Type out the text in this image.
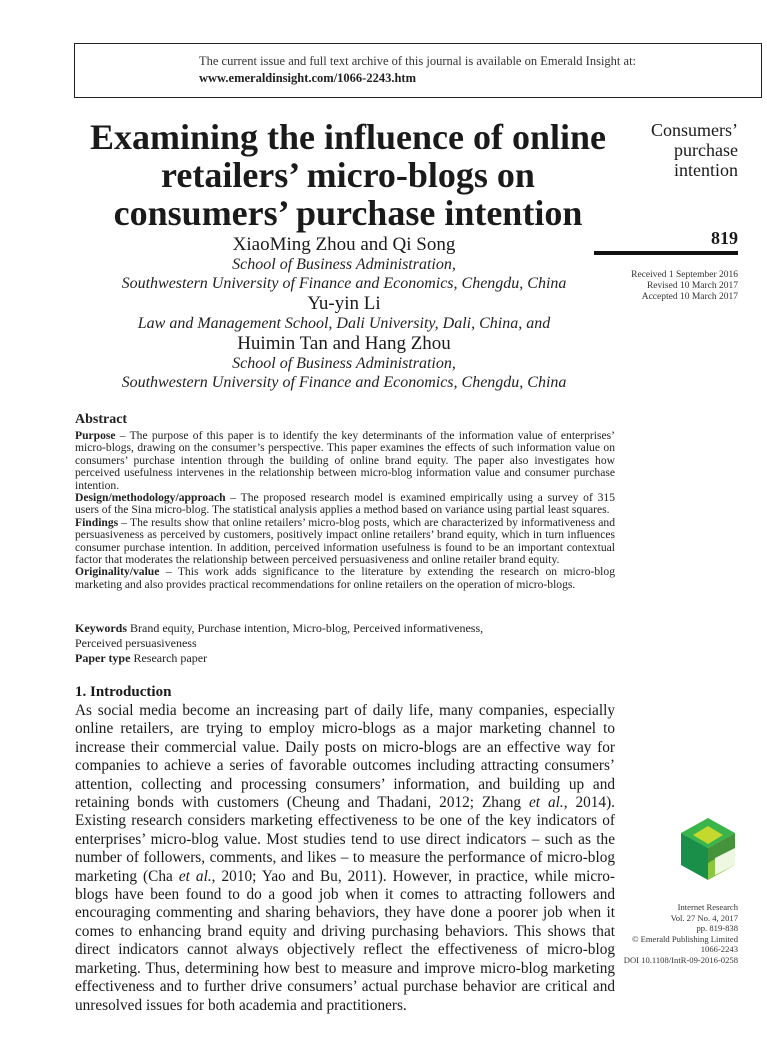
The current issue and full text archive of this journal is available on Emerald Insight at:
www.emeraldinsight.com/1066-2243.htm
Examining the influence of online
retailers’ micro-blogs on
consumers’ purchase intention
XiaoMing Zhou and Qi Song
School of Business Administration,
Southwestern University of Finance and Economics, Chengdu, China
Yu-yin Li
Law and Management School, Dali University, Dali, China, and
Huimin Tan and Hang Zhou
School of Business Administration,
Southwestern University of Finance and Economics, Chengdu, China
Consumers’
purchase
intention
819
Received 1 September 2016
Revised 10 March 2017
Accepted 10 March 2017
Abstract

Purpose – The purpose of this paper is to identify the key determinants of the information value of enterprises’ micro-blogs, drawing on the consumer’s perspective. This paper examines the effects of such information value on consumers’ purchase intention through the building of online brand equity. The paper also investigates how perceived usefulness intervenes in the relationship between micro-blog information value and consumer purchase intention.

Design/methodology/approach – The proposed research model is examined empirically using a survey of 315 users of the Sina micro-blog. The statistical analysis applies a method based on variance using partial least squares.

Findings – The results show that online retailers’ micro-blog posts, which are characterized by informativeness and persuasiveness as perceived by customers, positively impact online retailers’ brand equity, which in turn influences consumer purchase intention. In addition, perceived information usefulness is found to be an important contextual factor that moderates the relationship between perceived persuasiveness and online retailer brand equity.

Originality/value – This work adds significance to the literature by extending the research on micro-blog marketing and also provides practical recommendations for online retailers on the operation of micro-blogs.

Keywords Brand equity, Purchase intention, Micro-blog, Perceived informativeness,

Perceived persuasiveness

Paper type Research paper

1. Introduction
As social media become an increasing part of daily life, many companies, especially online retailers, are trying to employ micro-blogs as a major marketing channel to increase their commercial value. Daily posts on micro-blogs are an effective way for companies to achieve a series of favorable outcomes including attracting consumers’ attention, collecting and processing consumers’ information, and building up and retaining bonds with customers (Cheung and Thadani, 2012; Zhang et al., 2014). Existing research considers marketing effectiveness to be one of the key indicators of enterprises’ micro-blog value. Most studies tend to use direct indicators – such as the number of followers, comments, and likes – to measure the performance of micro-blog marketing (Cha et al., 2010; Yao and Bu, 2011). However, in practice, while micro-blogs have been found to do a good job when it comes to attracting followers and encouraging commenting and sharing behaviors, they have done a poorer job when it comes to enhancing brand equity and driving purchasing behaviors. This shows that direct indicators cannot always objectively reflect the effectiveness of micro-blog marketing. Thus, determining how best to measure and improve micro-blog marketing effectiveness and to further drive consumers’ actual purchase behavior are critical and unresolved issues for both academia and practitioners.
Internet Research
Vol. 27 No. 4, 2017
pp. 819-838
© Emerald Publishing Limited
1066-2243
DOI 10.1108/IntR-09-2016-0258
